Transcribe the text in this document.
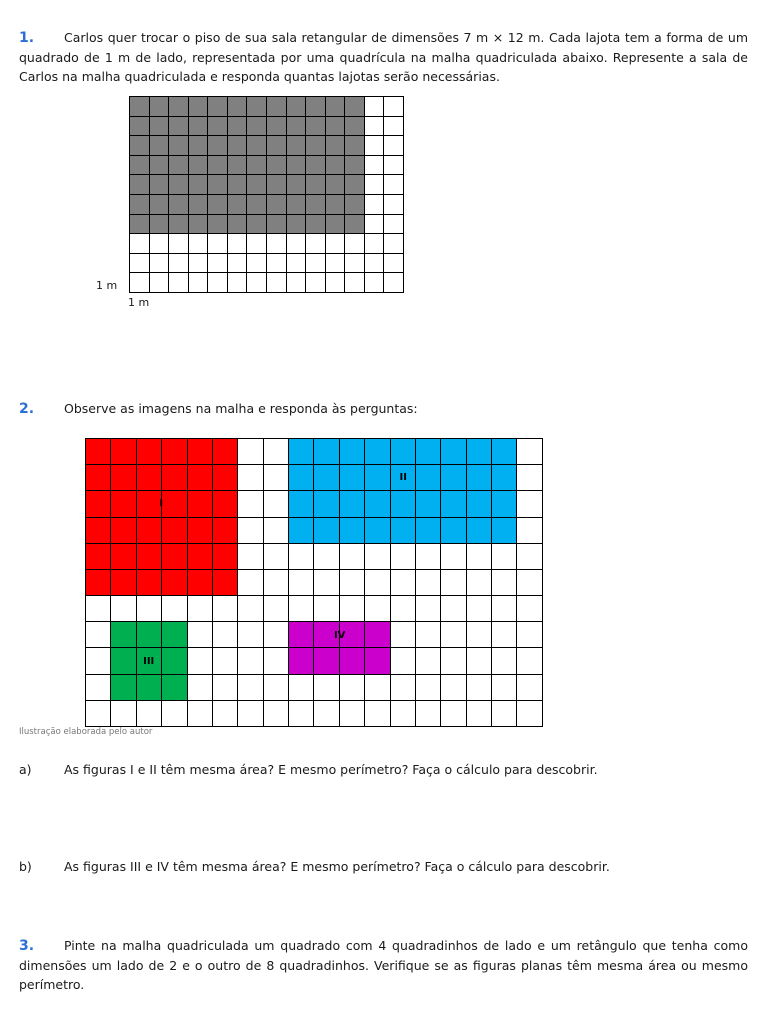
1. Carlos quer trocar o piso de sua sala retangular de dimensões 7 m × 12 m. Cada lajota tem a forma de um quadrado de 1 m de lado, representada por uma quadrícula na malha quadriculada abaixo. Represente a sala de Carlos na malha quadriculada e responda quantas lajotas serão necessárias.

1 m
1 m
2. Observe as imagens na malha e responda às perguntas:

I
II
III
IV
Ilustração elaborada pelo autor
a)	As figuras I e II têm mesma área? E mesmo perímetro? Faça o cálculo para descobrir.
b)	As figuras III e IV têm mesma área? E mesmo perímetro? Faça o cálculo para descobrir.
3. Pinte na malha quadriculada um quadrado com 4 quadradinhos de lado e um retângulo que tenha como dimensões um lado de 2 e o outro de 8 quadradinhos. Verifique se as figuras planas têm mesma área ou mesmo perímetro.
